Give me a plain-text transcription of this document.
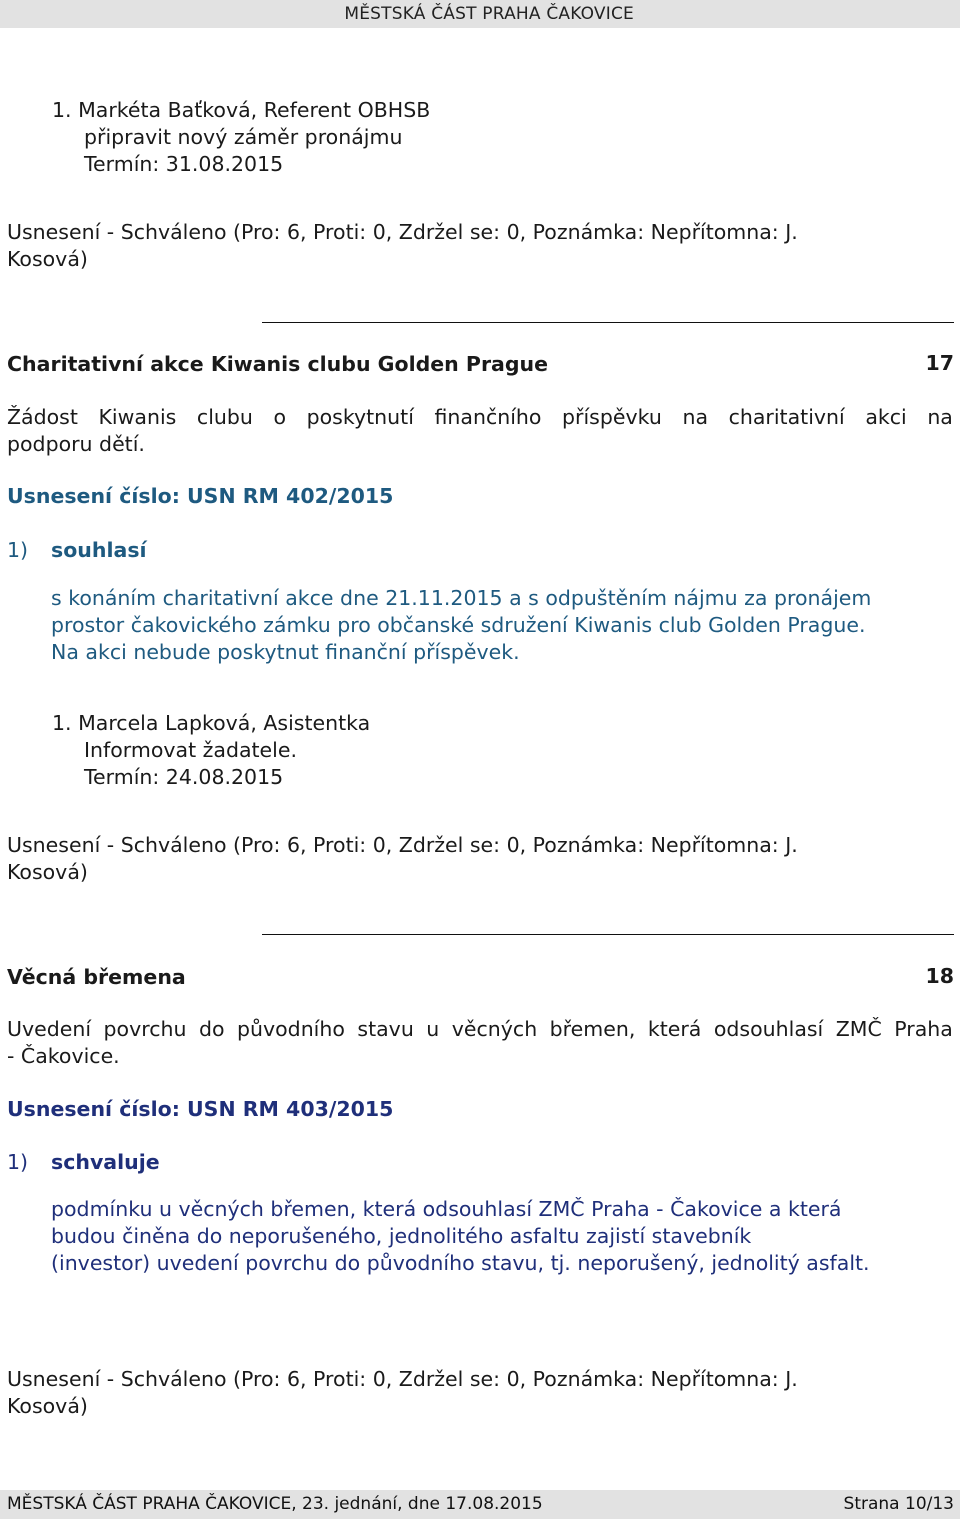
MĚSTSKÁ ČÁST PRAHA ČAKOVICE
1. Markéta Baťková, Referent OBHSB
připravit nový záměr pronájmu
Termín: 31.08.2015
Usnesení - Schváleno (Pro: 6, Proti: 0, Zdržel se: 0, Poznámka: Nepřítomna: J.
Kosová)
Charitativní akce Kiwanis clubu Golden Prague	17
Žádost Kiwanis clubu o poskytnutí finančního příspěvku na charitativní akci na
podporu dětí.
Usnesení číslo: USN RM 402/2015
1) souhlasí
s konáním charitativní akce dne 21.11.2015 a s odpuštěním nájmu za pronájem
prostor čakovického zámku pro občanské sdružení Kiwanis club Golden Prague.
Na akci nebude poskytnut finanční příspěvek.
1. Marcela Lapková, Asistentka
Informovat žadatele.
Termín: 24.08.2015
Usnesení - Schváleno (Pro: 6, Proti: 0, Zdržel se: 0, Poznámka: Nepřítomna: J.
Kosová)
Věcná břemena	18
Uvedení povrchu do původního stavu u věcných břemen, která odsouhlasí ZMČ Praha
- Čakovice.
Usnesení číslo: USN RM 403/2015
1) schvaluje
podmínku u věcných břemen, která odsouhlasí ZMČ Praha - Čakovice a která
budou činěna do neporušeného, jednolitého asfaltu zajistí stavebník
(investor) uvedení povrchu do původního stavu, tj. neporušený, jednolitý asfalt.
Usnesení - Schváleno (Pro: 6, Proti: 0, Zdržel se: 0, Poznámka: Nepřítomna: J.
Kosová)
MĚSTSKÁ ČÁST PRAHA ČAKOVICE, 23. jednání, dne 17.08.2015	Strana 10/13
